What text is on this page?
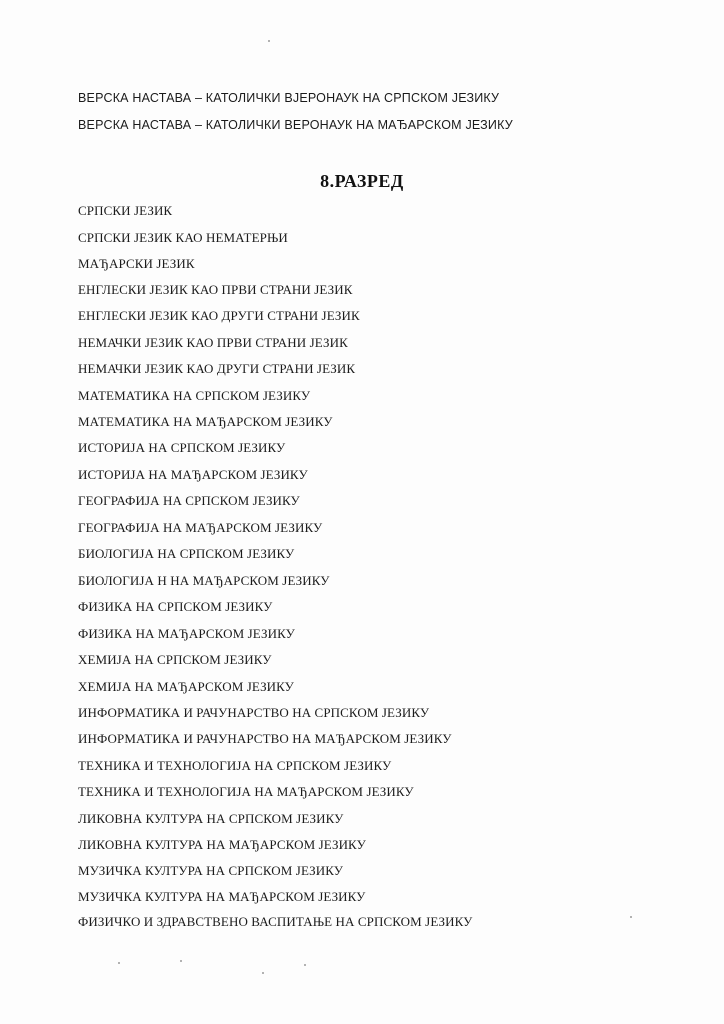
ВЕРСКА НАСТАВА – КАТОЛИЧКИ ВЈЕРОНАУК НА СРПСКОМ ЈЕЗИКУ
ВЕРСКА НАСТАВА – КАТОЛИЧКИ ВЕРОНАУК НА МАЂАРСКОМ ЈЕЗИКУ
8.РАЗРЕД
СРПСКИ ЈЕЗИК
СРПСКИ ЈЕЗИК КАО НЕМАТЕРЊИ
МАЂАРСКИ ЈЕЗИК
ЕНГЛЕСКИ ЈЕЗИК КАО ПРВИ СТРАНИ ЈЕЗИК
ЕНГЛЕСКИ ЈЕЗИК КАО ДРУГИ СТРАНИ ЈЕЗИК
НЕМАЧКИ ЈЕЗИК КАО ПРВИ СТРАНИ ЈЕЗИК
НЕМАЧКИ ЈЕЗИК КАО ДРУГИ СТРАНИ ЈЕЗИК
МАТЕМАТИКА НА СРПСКОМ ЈЕЗИКУ
МАТЕМАТИКА НА МАЂАРСКОМ ЈЕЗИКУ
ИСТОРИЈА НА СРПСКОМ ЈЕЗИКУ
ИСТОРИЈА НА МАЂАРСКОМ ЈЕЗИКУ
ГЕОГРАФИЈА НА СРПСКОМ ЈЕЗИКУ
ГЕОГРАФИЈА НА МАЂАРСКОМ ЈЕЗИКУ
БИОЛОГИЈА НА СРПСКОМ ЈЕЗИКУ
БИОЛОГИЈА Н НА МАЂАРСКОМ ЈЕЗИКУ
ФИЗИКА НА СРПСКОМ ЈЕЗИКУ
ФИЗИКА НА МАЂАРСКОМ ЈЕЗИКУ
ХЕМИЈА НА СРПСКОМ ЈЕЗИКУ
ХЕМИЈА НА МАЂАРСКОМ ЈЕЗИКУ
ИНФОРМАТИКА И РАЧУНАРСТВО НА СРПСКОМ ЈЕЗИКУ
ИНФОРМАТИКА И РАЧУНАРСТВО НА МАЂАРСКОМ ЈЕЗИКУ
ТЕХНИКА И ТЕХНОЛОГИЈА НА СРПСКОМ ЈЕЗИКУ
ТЕХНИКА И ТЕХНОЛОГИЈА НА МАЂАРСКОМ ЈЕЗИКУ
ЛИКОВНА КУЛТУРА НА СРПСКОМ ЈЕЗИКУ
ЛИКОВНА КУЛТУРА НА МАЂАРСКОМ ЈЕЗИКУ
МУЗИЧКА КУЛТУРА НА СРПСКОМ ЈЕЗИКУ
МУЗИЧКА КУЛТУРА НА МАЂАРСКОМ ЈЕЗИКУ
ФИЗИЧКО И ЗДРАВСТВЕНО ВАСПИТАЊЕ НА СРПСКОМ ЈЕЗИКУ
